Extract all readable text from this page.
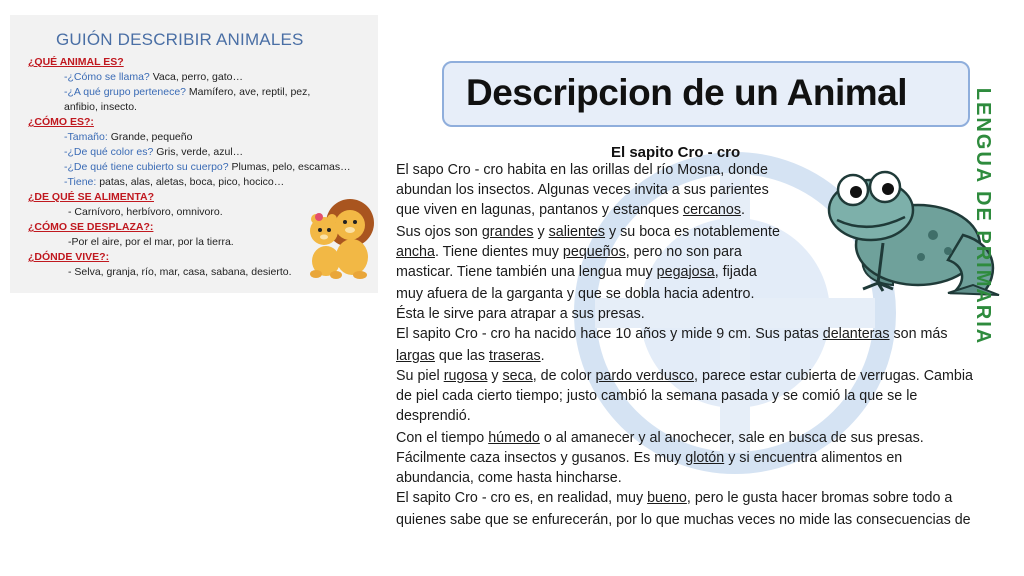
GUIÓN DESCRIBIR ANIMALES
¿QUÉ ANIMAL ES?
-¿Cómo se llama? Vaca, perro, gato…
-¿A qué grupo pertenece? Mamífero, ave, reptil, pez,
anfibio, insecto.
¿CÓMO ES?:
-Tamaño: Grande, pequeño
-¿De qué color es? Gris, verde, azul…
-¿De qué tiene cubierto su cuerpo? Plumas, pelo, escamas…
-Tiene: patas, alas, aletas, boca, pico, hocico…
¿DE QUÉ SE ALIMENTA?
- Carnívoro, herbívoro, omnivoro.
¿CÓMO SE DESPLAZA?:
-Por el aire, por el mar, por la tierra.
¿DÓNDE VIVE?:
- Selva, granja, río, mar, casa, sabana, desierto.
Descripcion de un Animal
El sapito Cro - cro
El sapo Cro - cro habita en las orillas del río Mosna, donde
abundan los insectos. Algunas veces invita a sus parientes
que viven en lagunas, pantanos y estanques cercanos.
Sus ojos son grandes y salientes y su boca es notablemente
ancha. Tiene dientes muy pequeños, pero no son para
masticar. Tiene también una lengua muy pegajosa, fijada
muy afuera de la garganta y que se dobla hacia adentro.
Ésta le sirve para atrapar a sus presas.
El sapito Cro - cro ha nacido hace 10 años y mide 9 cm. Sus patas delanteras son más
largas que las traseras.
Su piel rugosa y seca, de color pardo verdusco, parece estar cubierta de verrugas. Cambia
de piel cada cierto tiempo; justo cambió la semana pasada y se comió la que se le
desprendió.
Con el tiempo húmedo o al amanecer y al anochecer, sale en busca de sus presas.
Fácilmente caza insectos y gusanos. Es muy glotón y si encuentra alimentos en
abundancia, come hasta hincharse.
El sapito Cro - cro es, en realidad, muy bueno, pero le gusta hacer bromas sobre todo a
quienes sabe que se enfurecerán, por lo que muchas veces no mide las consecuencias de
LENGUA DE PRIMARIA
